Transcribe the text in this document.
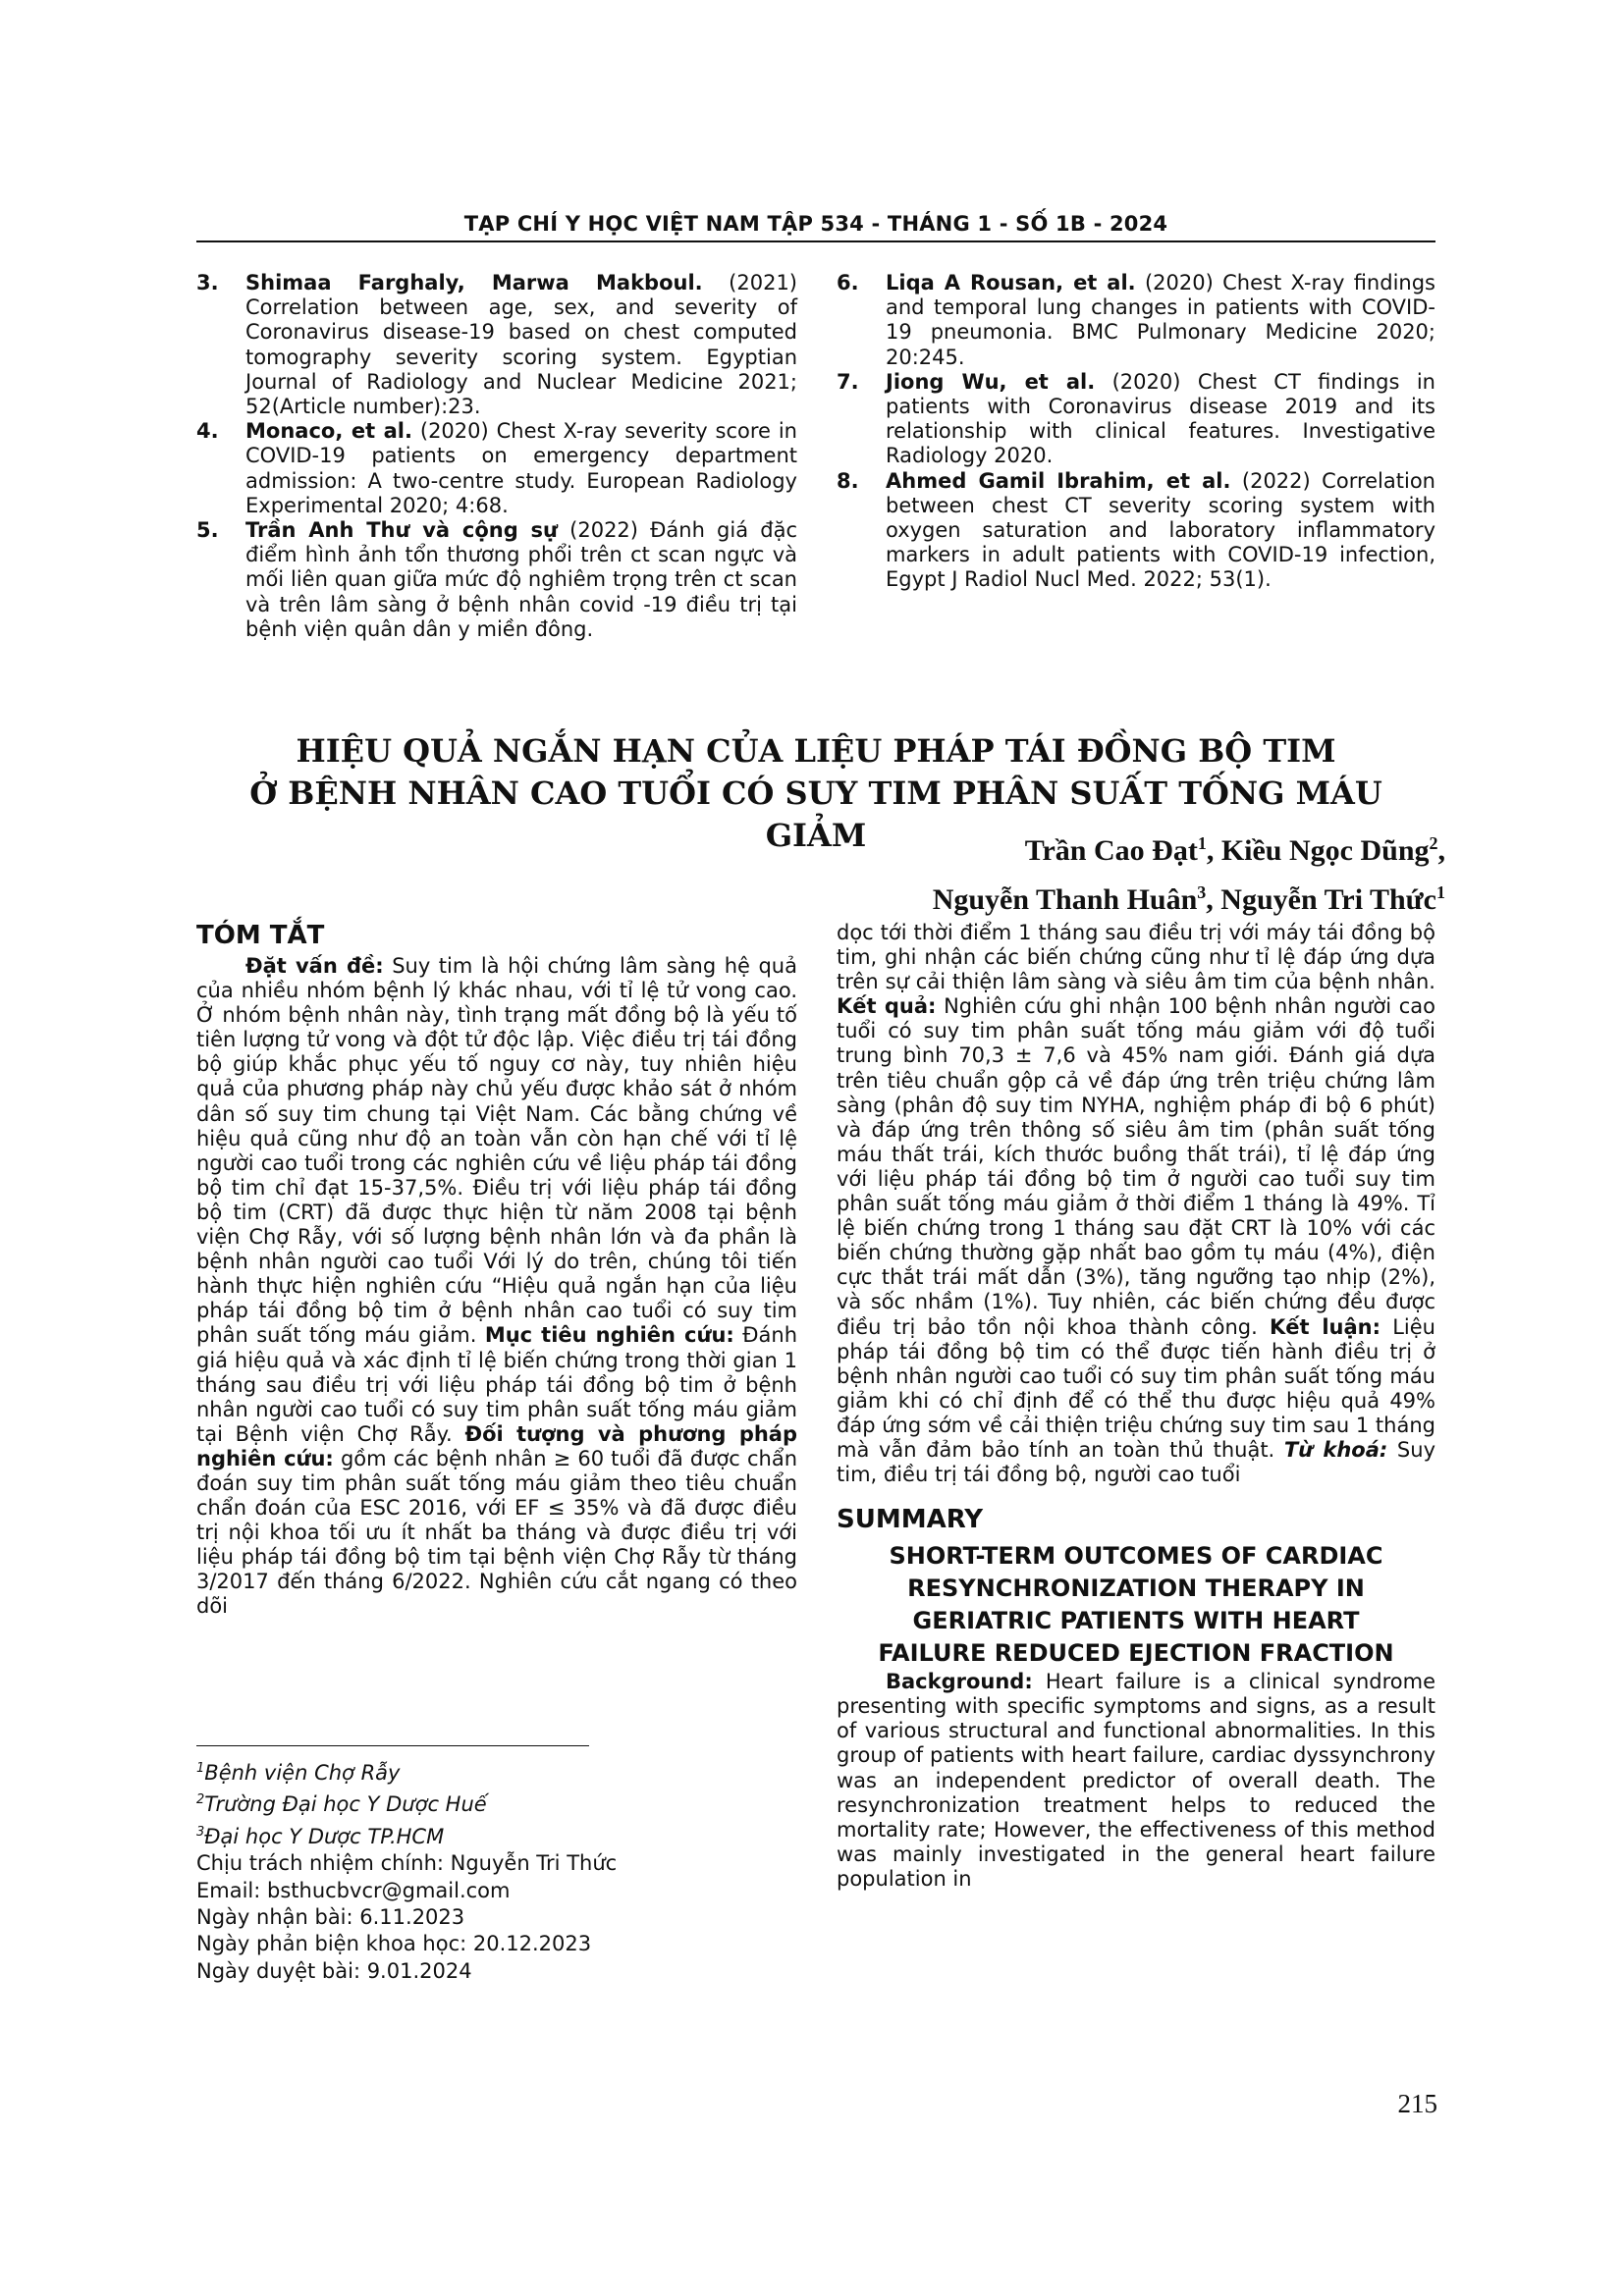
TẠP CHÍ Y HỌC VIỆT NAM TẬP 534 - THÁNG 1 - SỐ 1B - 2024
3. Shimaa Farghaly, Marwa Makboul. (2021) Correlation between age, sex, and severity of Coronavirus disease-19 based on chest computed tomography severity scoring system. Egyptian Journal of Radiology and Nuclear Medicine 2021; 52(Article number):23.
4. Monaco, et al. (2020) Chest X-ray severity score in COVID-19 patients on emergency department admission: A two-centre study. European Radiology Experimental 2020; 4:68.
5. Trần Anh Thư và cộng sự (2022) Đánh giá đặc điểm hình ảnh tổn thương phổi trên ct scan ngực và mối liên quan giữa mức độ nghiêm trọng trên ct scan và trên lâm sàng ở bệnh nhân covid -19 điều trị tại bệnh viện quân dân y miền đông.
6. Liqa A Rousan, et al. (2020) Chest X-ray findings and temporal lung changes in patients with COVID-19 pneumonia. BMC Pulmonary Medicine 2020; 20:245.
7. Jiong Wu, et al. (2020) Chest CT findings in patients with Coronavirus disease 2019 and its relationship with clinical features. Investigative Radiology 2020.
8. Ahmed Gamil Ibrahim, et al. (2022) Correlation between chest CT severity scoring system with oxygen saturation and laboratory inflammatory markers in adult patients with COVID-19 infection, Egypt J Radiol Nucl Med. 2022; 53(1).
HIỆU QUẢ NGẮN HẠN CỦA LIỆU PHÁP TÁI ĐỒNG BỘ TIM
Ở BỆNH NHÂN CAO TUỔI CÓ SUY TIM PHÂN SUẤT TỐNG MÁU GIẢM	Trần Cao Đạt$^1$, Kiều Ngọc Dũng$^2$,
Nguyễn Thanh Huân$^3$, Nguyễn Tri Thức$^1$
TÓM TẮT

Đặt vấn đề: Suy tim là hội chứng lâm sàng hệ quả của nhiều nhóm bệnh lý khác nhau, với tỉ lệ tử vong cao. Ở nhóm bệnh nhân này, tình trạng mất đồng bộ là yếu tố tiên lượng tử vong và đột tử độc lập. Việc điều trị tái đồng bộ giúp khắc phục yếu tố nguy cơ này, tuy nhiên hiệu quả của phương pháp này chủ yếu được khảo sát ở nhóm dân số suy tim chung tại Việt Nam. Các bằng chứng về hiệu quả cũng như độ an toàn vẫn còn hạn chế với tỉ lệ người cao tuổi trong các nghiên cứu về liệu pháp tái đồng bộ tim chỉ đạt 15-37,5%. Điều trị với liệu pháp tái đồng bộ tim (CRT) đã được thực hiện từ năm 2008 tại bệnh viện Chợ Rẫy, với số lượng bệnh nhân lớn và đa phần là bệnh nhân người cao tuổi Với lý do trên, chúng tôi tiến hành thực hiện nghiên cứu “Hiệu quả ngắn hạn của liệu pháp tái đồng bộ tim ở bệnh nhân cao tuổi có suy tim phân suất tống máu giảm. Mục tiêu nghiên cứu: Đánh giá hiệu quả và xác định tỉ lệ biến chứng trong thời gian 1 tháng sau điều trị với liệu pháp tái đồng bộ tim ở bệnh nhân người cao tuổi có suy tim phân suất tống máu giảm tại Bệnh viện Chợ Rẫy. Đối tượng và phương pháp nghiên cứu: gồm các bệnh nhân ≥ 60 tuổi đã được chẩn đoán suy tim phân suất tống máu giảm theo tiêu chuẩn chẩn đoán của ESC 2016, với EF ≤ 35% và đã được điều trị nội khoa tối ưu ít nhất ba tháng và được điều trị với liệu pháp tái đồng bộ tim tại bệnh viện Chợ Rẫy từ tháng 3/2017 đến tháng 6/2022. Nghiên cứu cắt ngang có theo dõi

dọc tới thời điểm 1 tháng sau điều trị với máy tái đồng bộ tim, ghi nhận các biến chứng cũng như tỉ lệ đáp ứng dựa trên sự cải thiện lâm sàng và siêu âm tim của bệnh nhân. Kết quả: Nghiên cứu ghi nhận 100 bệnh nhân người cao tuổi có suy tim phân suất tống máu giảm với độ tuổi trung bình 70,3 ± 7,6 và 45% nam giới. Đánh giá dựa trên tiêu chuẩn gộp cả về đáp ứng trên triệu chứng lâm sàng (phân độ suy tim NYHA, nghiệm pháp đi bộ 6 phút) và đáp ứng trên thông số siêu âm tim (phân suất tống máu thất trái, kích thước buồng thất trái), tỉ lệ đáp ứng với liệu pháp tái đồng bộ tim ở người cao tuổi suy tim phân suất tống máu giảm ở thời điểm 1 tháng là 49%. Tỉ lệ biến chứng trong 1 tháng sau đặt CRT là 10% với các biến chứng thường gặp nhất bao gồm tụ máu (4%), điện cực thắt trái mất dẫn (3%), tăng ngưỡng tạo nhịp (2%), và sốc nhầm (1%). Tuy nhiên, các biến chứng đều được điều trị bảo tồn nội khoa thành công. Kết luận: Liệu pháp tái đồng bộ tim có thể được tiến hành điều trị ở bệnh nhân người cao tuổi có suy tim phân suất tống máu giảm khi có chỉ định để có thể thu được hiệu quả 49% đáp ứng sớm về cải thiện triệu chứng suy tim sau 1 tháng mà vẫn đảm bảo tính an toàn thủ thuật. Từ khoá: Suy tim, điều trị tái đồng bộ, người cao tuổi

SUMMARY

SHORT-TERM OUTCOMES OF CARDIAC

RESYNCHRONIZATION THERAPY IN

GERIATRIC PATIENTS WITH HEART

FAILURE REDUCED EJECTION FRACTION

Background: Heart failure is a clinical syndrome presenting with specific symptoms and signs, as a result of various structural and functional abnormalities. In this group of patients with heart failure, cardiac dyssynchrony was an independent predictor of overall death. The resynchronization treatment helps to reduced the mortality rate; However, the effectiveness of this method was mainly investigated in the general heart failure population in

$^1$Bệnh viện Chợ Rẫy
$^2$Trường Đại học Y Dược Huế
$^3$Đại học Y Dược TP.HCM
Chịu trách nhiệm chính: Nguyễn Tri Thức
Email: bsthucbvcr@gmail.com
Ngày nhận bài: 6.11.2023
Ngày phản biện khoa học: 20.12.2023
Ngày duyệt bài: 9.01.2024
215
